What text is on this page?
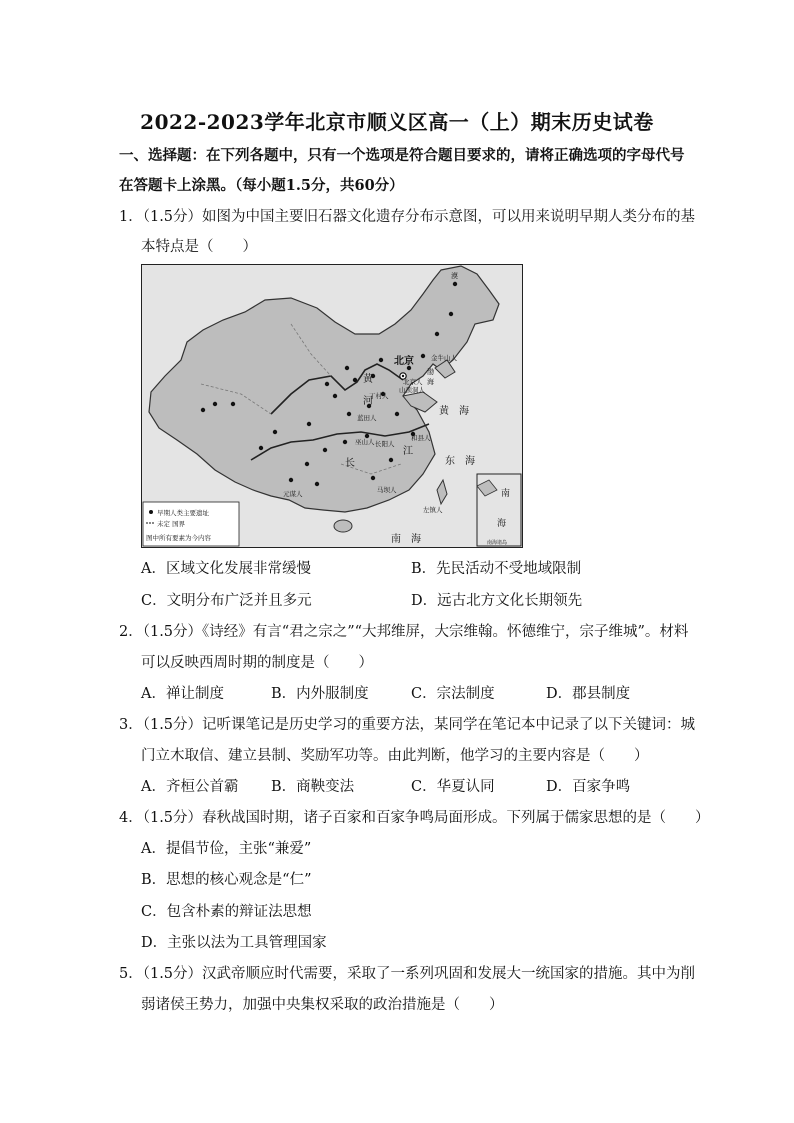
2022-2023学年北京市顺义区高一（上）期末历史试卷
一、选择题：在下列各题中，只有一个选项是符合题目要求的，请将正确选项的字母代号
在答题卡上涂黑。（每小题1.5分，共60分）
1．（1.5分）如图为中国主要旧石器文化遗存分布示意图，可以用来说明早期人类分布的基
本特点是（　　）
北京	金牛山人
北京人
山顶洞人
丁村人
蓝田人
巫山人 长阳人
和县人
元谋人	马坝人
左镇人
黄
河
长
江
黄　海
东　海
南　海
漠
渤
海
南
海
南海诸岛
早期人类主要遗址
未定 国界
图中所有要素为今内容
A．区域文化发展非常缓慢	B．先民活动不受地域限制
C．文明分布广泛并且多元	D．远古北方文化长期领先
2．（1.5分）《诗经》有言“君之宗之”“大邦维屏，大宗维翰。怀德维宁，宗子维城”。材料
可以反映西周时期的制度是（　　）
A．禅让制度	B．内外服制度	C．宗法制度	D．郡县制度
3．（1.5分）记听课笔记是历史学习的重要方法，某同学在笔记本中记录了以下关键词：城
门立木取信、建立县制、奖励军功等。由此判断，他学习的主要内容是（　　）
A．齐桓公首霸 B．商鞅变法	C．华夏认同	D．百家争鸣
4．（1.5分）春秋战国时期，诸子百家和百家争鸣局面形成。下列属于儒家思想的是（　　）
A．提倡节俭，主张“兼爱”
B．思想的核心观念是“仁”
C．包含朴素的辩证法思想
D．主张以法为工具管理国家
5．（1.5分）汉武帝顺应时代需要，采取了一系列巩固和发展大一统国家的措施。其中为削
弱诸侯王势力，加强中央集权采取的政治措施是（　　）
